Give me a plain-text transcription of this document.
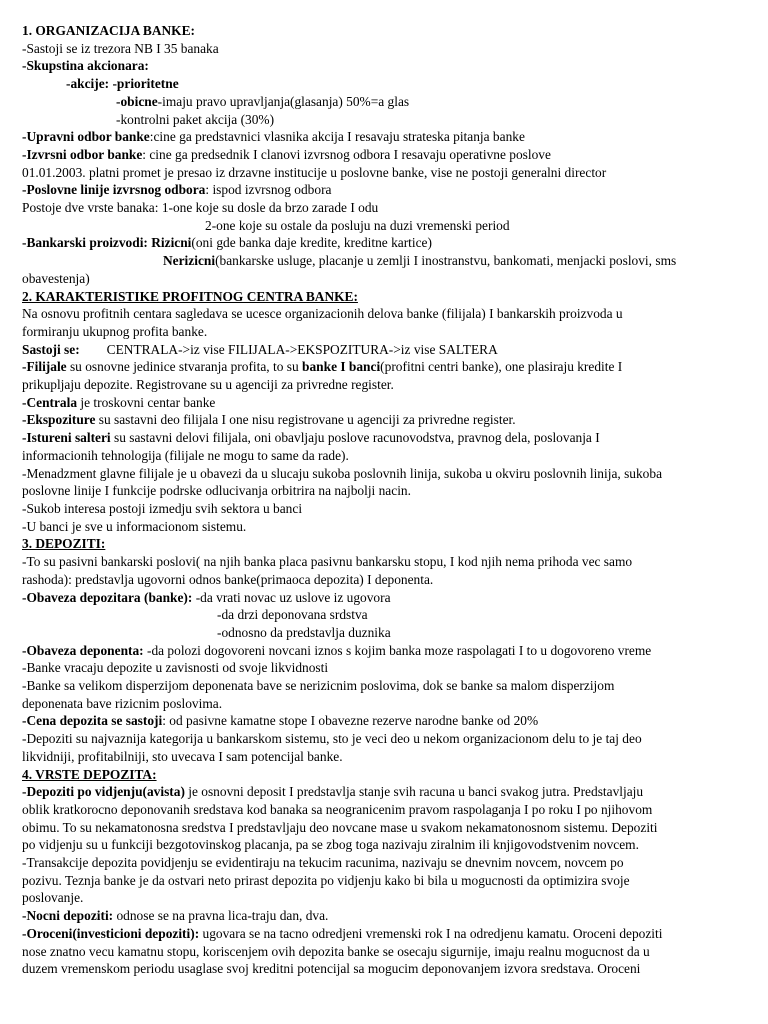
1. ORGANIZACIJA BANKE:
-Sastoji se iz trezora NB I 35 banaka
-Skupstina akcionara:
-akcije: -prioritetne
-obicne-imaju pravo upravljanja(glasanja) 50%=a glas
-kontrolni paket akcija (30%)
-Upravni odbor banke:cine ga predstavnici vlasnika akcija I resavaju strateska pitanja banke
-Izvrsni odbor banke: cine ga predsednik I clanovi izvrsnog odbora I resavaju operativne poslove
01.01.2003. platni promet je presao iz drzavne institucije u poslovne banke, vise ne postoji generalni director
-Poslovne linije izvrsnog odbora: ispod izvrsnog odbora
Postoje dve vrste banaka: 1-one koje su dosle da brzo zarade I odu
2-one koje su ostale da posluju na duzi vremenski period
-Bankarski proizvodi: Rizicni(oni gde banka daje kredite, kreditne kartice)
Nerizicni(bankarske usluge, placanje u zemlji I inostranstvu, bankomati, menjacki poslovi, sms
obavestenja)
2. KARAKTERISTIKE PROFITNOG CENTRA BANKE:
Na osnovu profitnih centara sagledava se ucesce organizacionih delova banke (filijala) I bankarskih proizvoda u
formiranju ukupnog profita banke.
Sastoji se: CENTRALA->iz vise FILIJALA->EKSPOZITURA->iz vise SALTERA
-Filijale su osnovne jedinice stvaranja profita, to su banke I banci(profitni centri banke), one plasiraju kredite I
prikupljaju depozite. Registrovane su u agenciji za privredne register.
-Centrala je troskovni centar banke
-Ekspoziture su sastavni deo filijala I one nisu registrovane u agenciji za privredne register.
-Istureni salteri su sastavni delovi filijala, oni obavljaju poslove racunovodstva, pravnog dela, poslovanja I
informacionih tehnologija (filijale ne mogu to same da rade).
-Menadzment glavne filijale je u obavezi da u slucaju sukoba poslovnih linija, sukoba u okviru poslovnih linija, sukoba
poslovne linije I funkcije podrske odlucivanja orbitrira na najbolji nacin.
-Sukob interesa postoji izmedju svih sektora u banci
-U banci je sve u informacionom sistemu.
3. DEPOZITI:
-To su pasivni bankarski poslovi( na njih banka placa pasivnu bankarsku stopu, I kod njih nema prihoda vec samo
rashoda): predstavlja ugovorni odnos banke(primaoca depozita) I deponenta.
-Obaveza depozitara (banke): -da vrati novac uz uslove iz ugovora
-da drzi deponovana srdstva
-odnosno da predstavlja duznika
-Obaveza deponenta: -da polozi dogovoreni novcani iznos s kojim banka moze raspolagati I to u dogovoreno vreme
-Banke vracaju depozite u zavisnosti od svoje likvidnosti
-Banke sa velikom disperzijom deponenata bave se nerizicnim poslovima, dok se banke sa malom disperzijom
deponenata bave rizicnim poslovima.
-Cena depozita se sastoji: od pasivne kamatne stope I obavezne rezerve narodne banke od 20%
-Depoziti su najvaznija kategorija u bankarskom sistemu, sto je veci deo u nekom organizacionom delu to je taj deo
likvidniji, profitabilniji, sto uvecava I sam potencijal banke.
4. VRSTE DEPOZITA:
-Depoziti po vidjenju(avista) je osnovni deposit I predstavlja stanje svih racuna u banci svakog jutra. Predstavljaju
oblik kratkorocno deponovanih sredstava kod banaka sa neogranicenim pravom raspolaganja I po roku I po njihovom
obimu. To su nekamatonosna sredstva I predstavljaju deo novcane mase u svakom nekamatonosnom sistemu. Depoziti
po vidjenju su u funkciji bezgotovinskog placanja, pa se zbog toga nazivaju ziralnim ili knjigovodstvenim novcem.
-Transakcije depozita povidjenju se evidentiraju na tekucim racunima, nazivaju se dnevnim novcem, novcem po
pozivu. Teznja banke je da ostvari neto prirast depozita po vidjenju kako bi bila u mogucnosti da optimizira svoje
poslovanje.
-Nocni depoziti: odnose se na pravna lica-traju dan, dva.
-Oroceni(investicioni depoziti): ugovara se na tacno odredjeni vremenski rok I na odredjenu kamatu. Oroceni depoziti
nose znatno vecu kamatnu stopu, koriscenjem ovih depozita banke se osecaju sigurnije, imaju realnu mogucnost da u
duzem vremenskom periodu usaglase svoj kreditni potencijal sa mogucim deponovanjem izvora sredstava. Oroceni
